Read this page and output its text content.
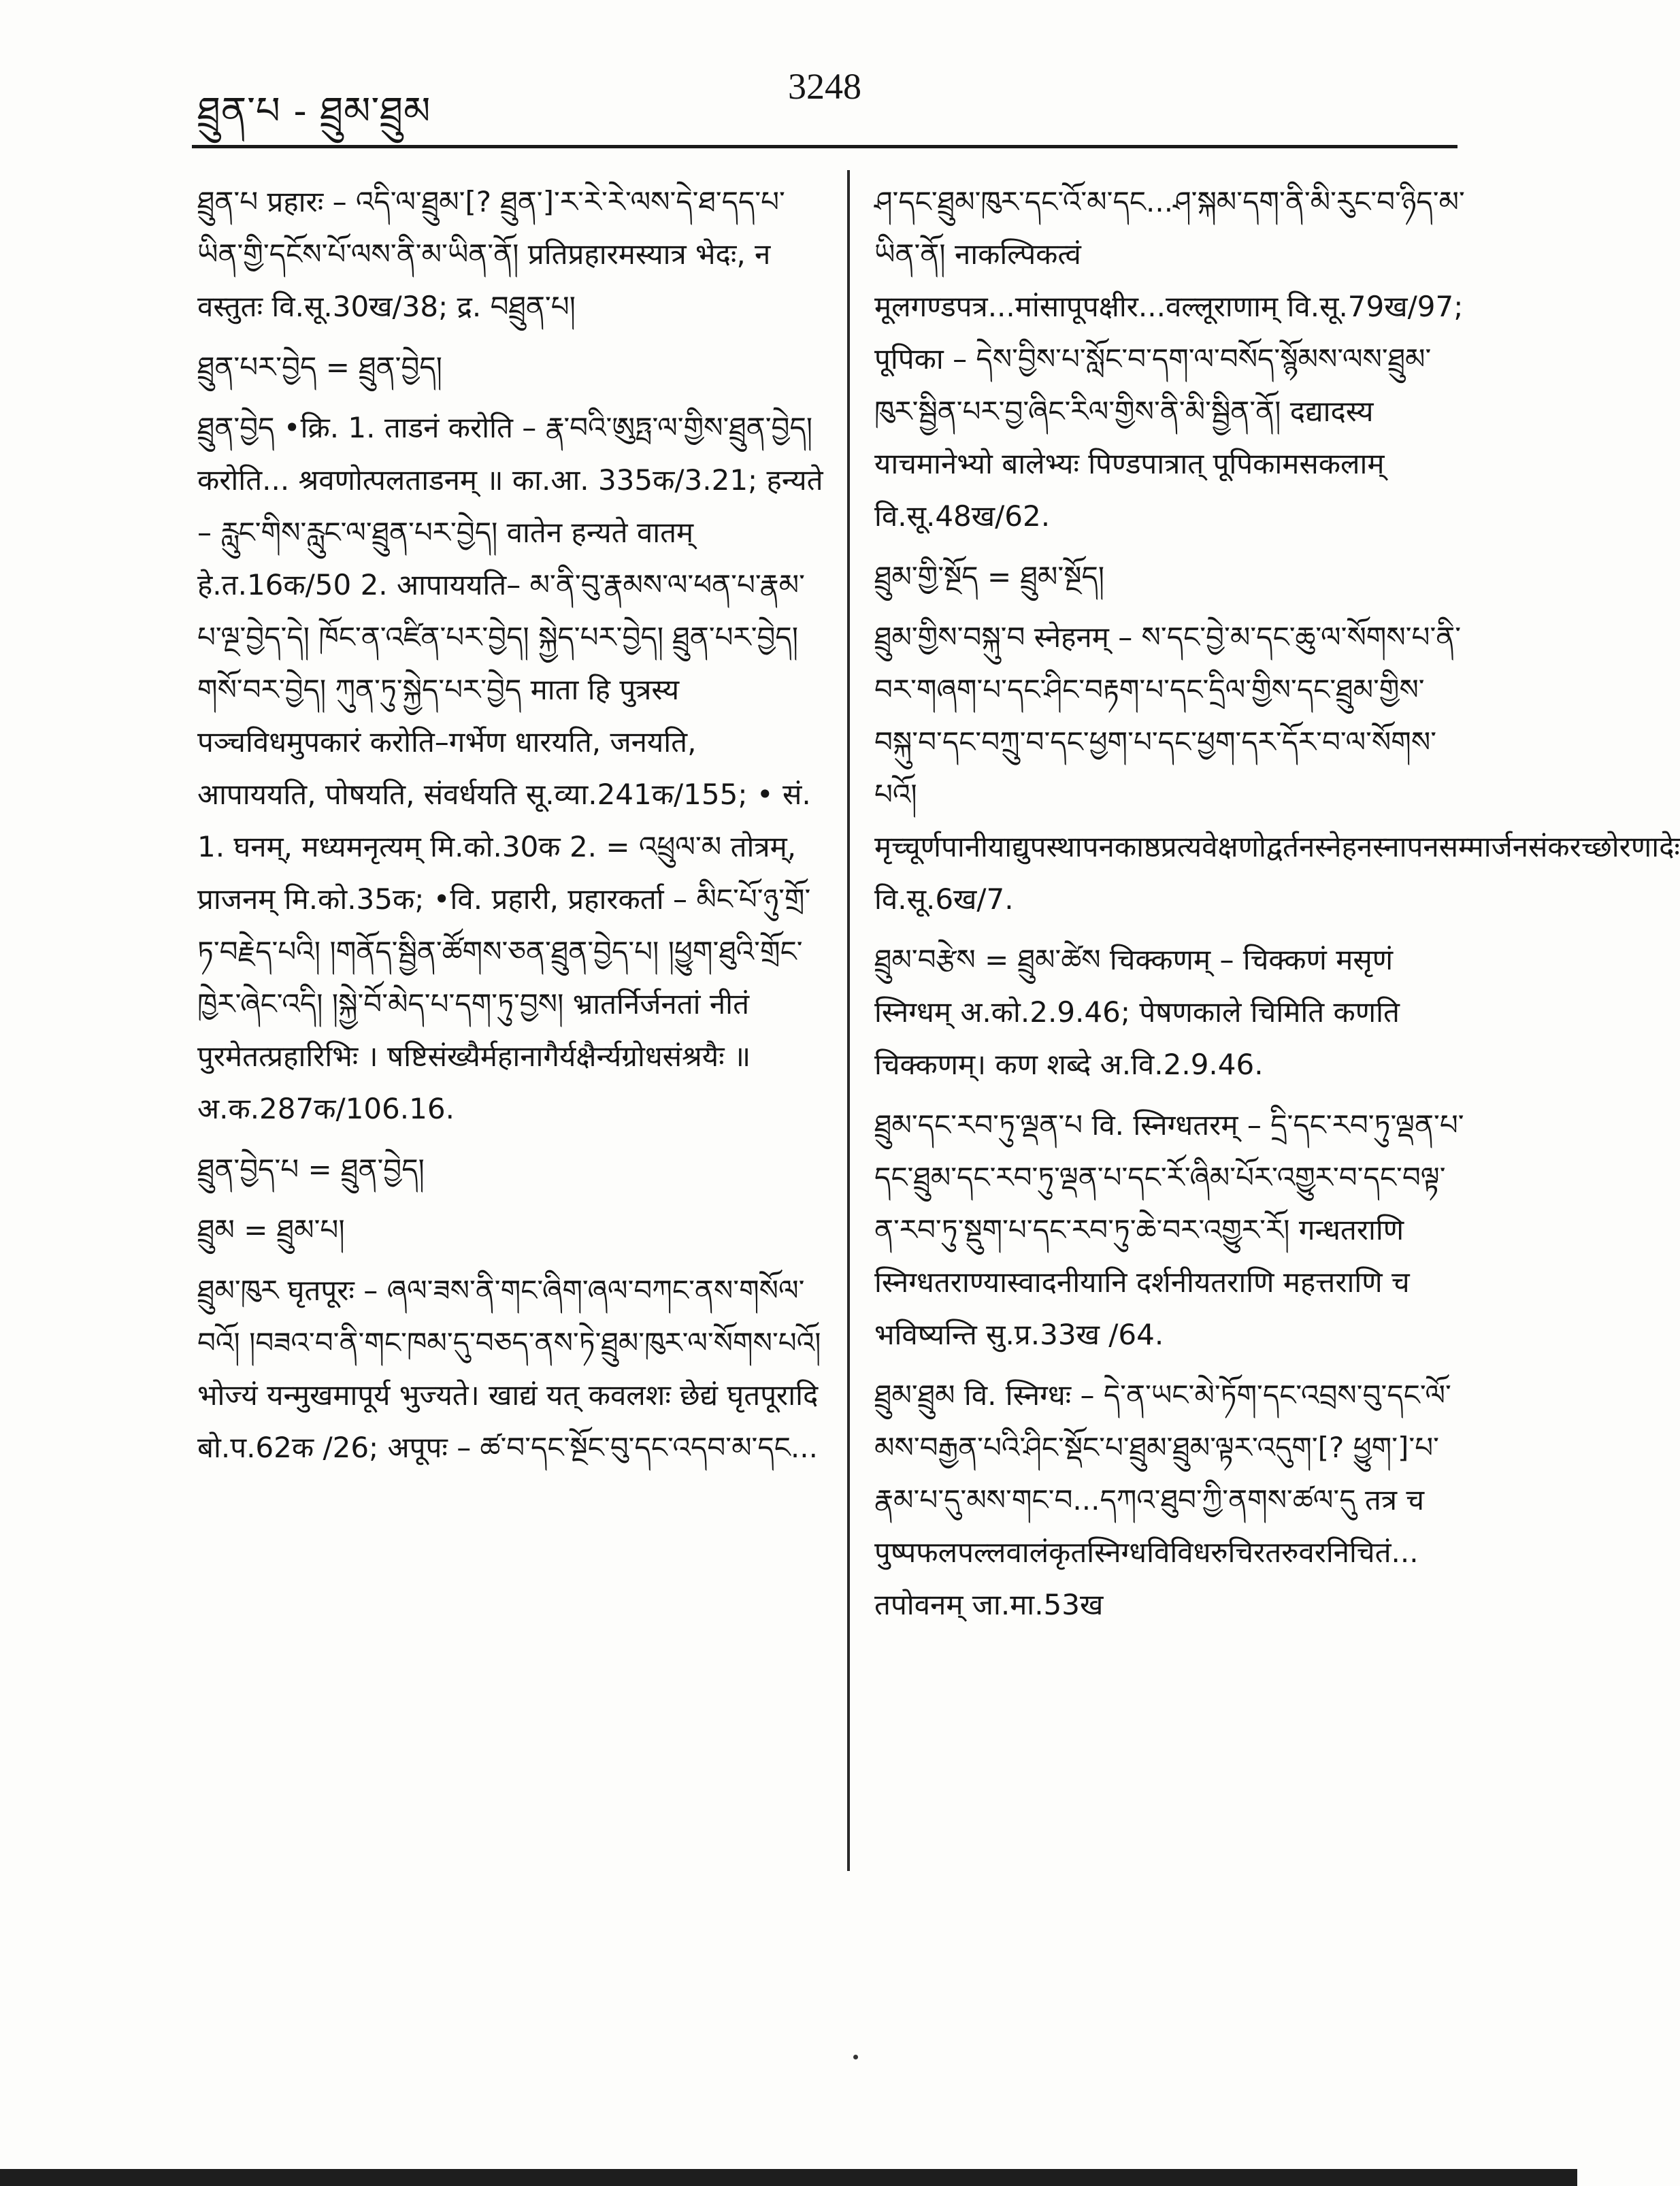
ཐྲུན་པ - ཐྲུམ་ཐྲུམ
3248

ཐྲུན་པ प्रहारः – འདི་ལ་ཐྲུམ་[? ཐྲུན་]་ར་རེ་རེ་ལས་དེ་ཐ་དད་པ་ཡིན་གྱི་དངོས་པོ་ལས་ནི་མ་ཡིན་ནོ། प्रतिप्रहारमस्यात्र भेदः, न वस्तुतः वि.सू.30ख/38; द्र. བཐྲུན་པ།

ཐྲུན་པར་བྱེད = ཐྲུན་བྱེད།

ཐྲུན་བྱེད •क्रि. 1. ताडनं करोति – རྣ་བའི་ཨུཏྤ་ལ་གྱིས་ཐྲུན་བྱེད། करोति... श्रवणोत्पलताडनम् ॥ का.आ. 335क/3.21; हन्यते – རླུང་གིས་རླུང་ལ་ཐྲུན་པར་བྱེད། वातेन हन्यते वातम् हे.त.16क/50 2. आपाययति– མ་ནི་བུ་རྣམས་ལ་ཕན་པ་རྣམ་པ་ལྔ་བྱེད་དེ། ཁོང་ན་འཛིན་པར་བྱེད། སྐྱེད་པར་བྱེད། ཐྲུན་པར་བྱེད། གསོ་བར་བྱེད། ཀུན་ཏུ་སྐྱེད་པར་བྱེད माता हि पुत्रस्य पञ्चविधमुपकारं करोति–गर्भेण धारयति, जनयति, आपाययति, पोषयति, संवर्धयति सू.व्या.241क/155; • सं. 1. घनम्, मध्यमनृत्यम् मि.को.30क 2. = འཕྲུལ་མ तोत्रम्, प्राजनम् मि.को.35क; •वि. प्रहारी, प्रहारकर्ता – མིང་པོ་ཉུ་གྲོ་ཏ་བརྗེད་པའི། །གནོད་སྦྱིན་ཚོགས་ཅན་ཐྲུན་བྱེད་པ། །ཕྱུག་ཐུའི་གྲོང་ཁྱེར་ཞེང་འདི། །སྐྱེ་བོ་མེད་པ་དག་ཏུ་བྱས། भ्रातर्निर्जनतां नीतं पुरमेतत्प्रहारिभिः । षष्टिसंख्यैर्महानागैर्यक्षैर्न्यग्रोधसंश्रयैः ॥ अ.क.287क/106.16.

ཐྲུན་བྱེད་པ = ཐྲུན་བྱེད།

ཐྲུམ = ཐྲུམ་པ།

ཐྲུམ་ཁུར घृतपूरः – ཞལ་ཟས་ནི་གང་ཞིག་ཞལ་བཀང་ནས་གསོལ་བའོ། །བཟའ་བ་ནི་གང་ཁམ་དུ་བཅད་ནས་ཏེ་ཐྲུམ་ཁུར་ལ་སོགས་པའོ། भोज्यं यन्मुखमापूर्य भुज्यते। खाद्यं यत् कवलशः छेद्यं घृतपूरादि बो.प.62क /26; अपूपः – ཚ་བ་དང་སྔོང་བུ་དང་འདབ་མ་དང...

ཤ་དང་ཐྲུམ་ཁུར་དང་འོ་མ་དང...ཤ་སྐམ་དག་ནི་མི་རུང་བ་ཉིད་མ་ཡིན་ནོ། नाकल्पिकत्वं मूलगण्डपत्र...मांसापूपक्षीर...वल्लूराणाम् वि.सू.79ख/97; पूपिका – དེས་བྱིས་པ་སློང་བ་དག་ལ་བསོད་སྙོམས་ལས་ཐྲུམ་ཁུར་སྦྱིན་པར་བྱ་ཞིང་རིལ་གྱིས་ནི་མི་སྦྱིན་ནོ། दद्यादस्य याचमानेभ्यो बालेभ्यः पिण्डपात्रात् पूपिकामसकलाम् वि.सू.48ख/62.

ཐྲུམ་གྱི་སྔོད = ཐྲུམ་སྔོད།

ཐྲུམ་གྱིས་བསྐུ་བ स्नेहनम् – ས་དང་བྱེ་མ་དང་ཆུ་ལ་སོགས་པ་ནི་བར་གཞག་པ་དང་ཤིང་བརྟག་པ་དང་དྲིལ་གྱིས་དང་ཐྲུམ་གྱིས་བསྐུ་བ་དང་བཀྲུ་བ་དང་ཕྱག་པ་དང་ཕྱག་དར་དོར་བ་ལ་སོགས་པའོ། मृच्चूर्णपानीयाद्युपस्थापनकाष्ठप्रत्यवेक्षणोद्वर्तनस्नेहनस्नापनसम्मार्जनसंकरच्छोरणादेः वि.सू.6ख/7.

ཐྲུམ་བརྩེས = ཐྲུམ་ཚེས चिक्कणम् – चिक्कणं मसृणं स्निग्धम् अ.को.2.9.46; पेषणकाले चिमिति कणति चिक्कणम्। कण शब्दे अ.वि.2.9.46.

ཐྲུམ་དང་རབ་ཏུ་ལྡན་པ वि. स्निग्धतरम् – དྲི་དང་རབ་ཏུ་ལྡན་པ་དང་ཐྲུམ་དང་རབ་ཏུ་ལྡན་པ་དང་རོ་ཞིམ་པོར་འགྱུར་བ་དང་བལྟ་ན་རབ་ཏུ་སྡུག་པ་དང་རབ་ཏུ་ཆེ་བར་འགྱུར་རོ། गन्धतराणि स्निग्धतराण्यास्वादनीयानि दर्शनीयतराणि महत्तराणि च भविष्यन्ति सु.प्र.33ख /64.

ཐྲུམ་ཐྲུམ वि. स्निग्धः – དེ་ན་ཡང་མེ་ཏོག་དང་འབྲས་བུ་དང་ལོ་མས་བརྒྱན་པའི་ཤིང་སྡོང་པ་ཐྲུམ་ཐྲུམ་ལྟར་འདུག་[? ཕྱུག་]་པ་རྣམ་པ་དུ་མས་གང་བ...དཀའ་ཐུབ་ཀྱི་ནགས་ཚལ་དུ तत्र च पुष्पफलपल्लवालंकृतस्निग्धविविधरुचिरतरुवरनिचितं... तपोवनम् जा.मा.53ख
